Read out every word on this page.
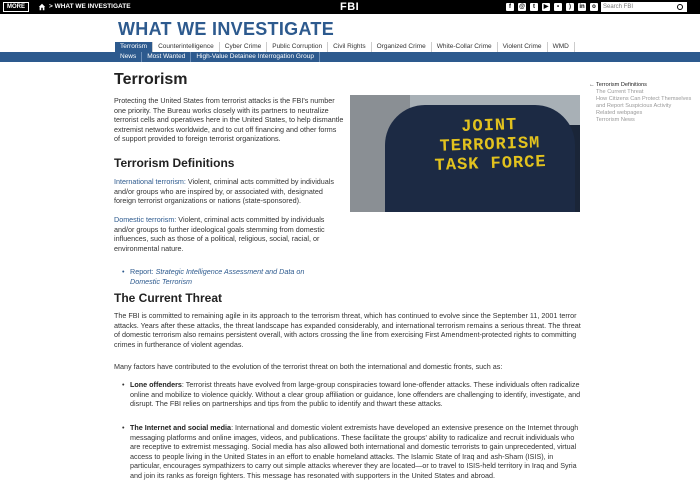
MORE	> WHAT WE INVESTIGATE	FBI	f	@	t	▶	•	)	in	o	Search FBI
WHAT WE INVESTIGATE
Terrorism	Counterintelligence	Cyber Crime	Public Corruption	Civil Rights	Organized Crime	White-Collar Crime	Violent Crime	WMD
News	Most Wanted	High-Value Detainee Interrogation Group
Terrorism

Protecting the United States from terrorist attacks is the FBI's number one priority. The Bureau works closely with its partners to neutralize terrorist cells and operatives here in the United States, to help dismantle extremist networks worldwide, and to cut off financing and other forms of support provided to foreign terrorist organizations.

JOINT
TERRORISM
TASK FORCE
Terrorism Definitions

International terrorism: Violent, criminal acts committed by individuals and/or groups who are inspired by, or associated with, designated foreign terrorist organizations or nations (state-sponsored).

Domestic terrorism: Violent, criminal acts committed by individuals and/or groups to further ideological goals stemming from domestic influences, such as those of a political, religious, social, racial, or environmental nature.

• Report: Strategic Intelligence Assessment and Data on Domestic Terrorism
← Terrorism Definitions
The Current Threat
How Citizens Can Protect Themselves and Report Suspicious Activity
Related webpages
Terrorism News
The Current Threat

The FBI is committed to remaining agile in its approach to the terrorism threat, which has continued to evolve since the September 11, 2001 terror attacks. Years after these attacks, the threat landscape has expanded considerably, and international terrorism remains a serious threat. The threat of domestic terrorism also remains persistent overall, with actors crossing the line from exercising First Amendment-protected rights to committing crimes in furtherance of violent agendas.

Many factors have contributed to the evolution of the terrorist threat on both the international and domestic fronts, such as:

• Lone offenders: Terrorist threats have evolved from large-group conspiracies toward lone-offender attacks. These individuals often radicalize online and mobilize to violence quickly. Without a clear group affiliation or guidance, lone offenders are challenging to identify, investigate, and disrupt. The FBI relies on partnerships and tips from the public to identify and thwart these attacks.
• The Internet and social media: International and domestic violent extremists have developed an extensive presence on the Internet through messaging platforms and online images, videos, and publications. These facilitate the groups' ability to radicalize and recruit individuals who are receptive to extremist messaging. Social media has also allowed both international and domestic terrorists to gain unprecedented, virtual access to people living in the United States in an effort to enable homeland attacks. The Islamic State of Iraq and ash-Sham (ISIS), in particular, encourages sympathizers to carry out simple attacks wherever they are located—or to travel to ISIS-held territory in Iraq and Syria and join its ranks as foreign fighters. This message has resonated with supporters in the United States and abroad.
